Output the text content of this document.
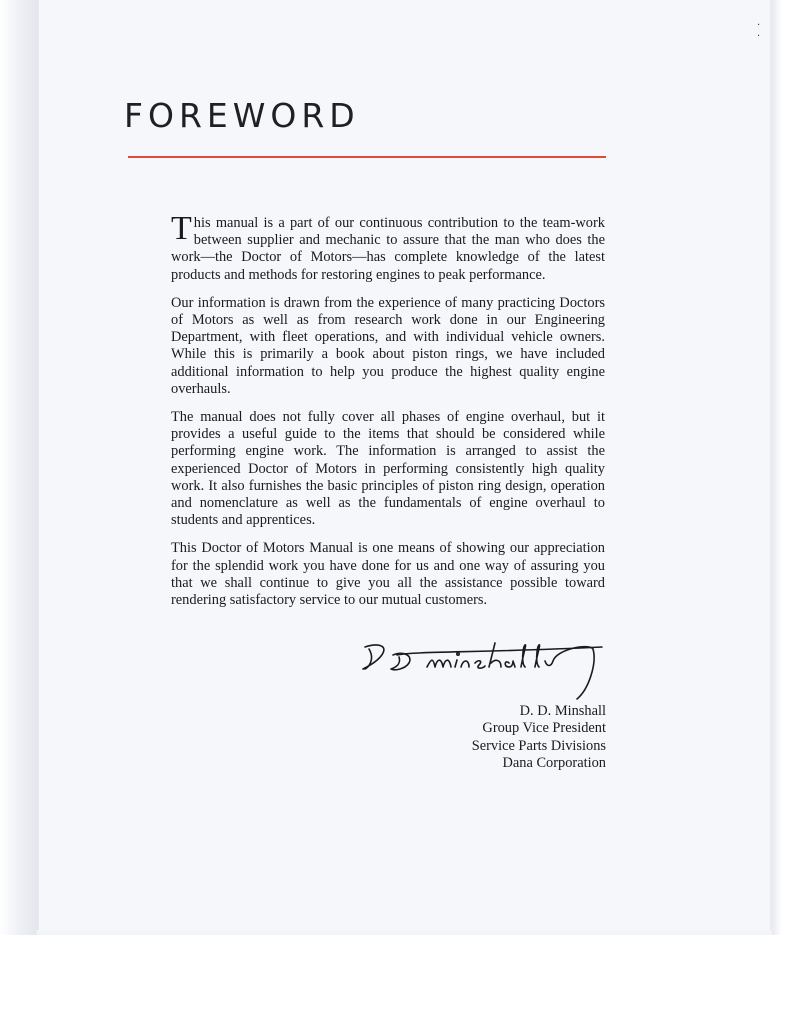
·
·
FOREWORD

This manual is a part of our continuous contribution to the team-work between supplier and mechanic to assure that the man who does the work—the Doctor of Motors—has complete knowledge of the latest products and methods for restoring engines to peak performance.

Our information is drawn from the experience of many practicing Doctors of Motors as well as from research work done in our Engineering Department, with fleet operations, and with individual vehicle owners. While this is primarily a book about piston rings, we have included additional information to help you produce the highest quality engine overhauls.

The manual does not fully cover all phases of engine overhaul, but it provides a useful guide to the items that should be considered while performing engine work. The information is arranged to assist the experienced Doctor of Motors in performing consistently high quality work. It also furnishes the basic principles of piston ring design, operation and nomenclature as well as the fundamentals of engine overhaul to students and apprentices.

This Doctor of Motors Manual is one means of showing our appreciation for the splendid work you have done for us and one way of assuring you that we shall continue to give you all the assistance possible toward rendering satisfactory service to our mutual customers.

D. D. Minshall
Group Vice President
Service Parts Divisions
Dana Corporation
